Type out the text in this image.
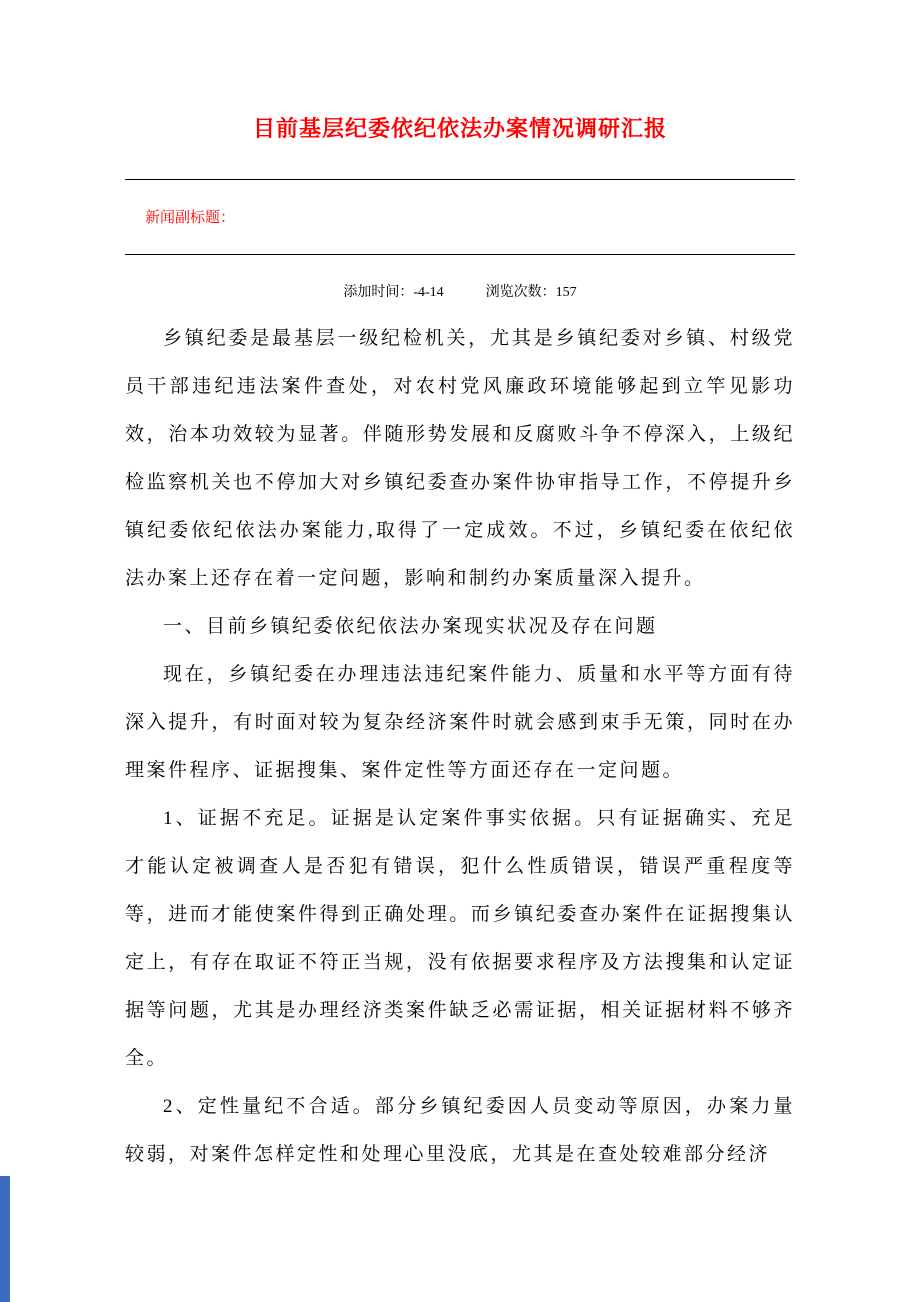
目前基层纪委依纪依法办案情况调研汇报
新闻副标题：
添加时间：-4-14	浏览次数：157

乡镇纪委是最基层一级纪检机关，尤其是乡镇纪委对乡镇、村级党员干部违纪违法案件查处，对农村党风廉政环境能够起到立竿见影功效，治本功效较为显著。伴随形势发展和反腐败斗争不停深入，上级纪检监察机关也不停加大对乡镇纪委查办案件协审指导工作，不停提升乡镇纪委依纪依法办案能力,取得了一定成效。不过，乡镇纪委在依纪依法办案上还存在着一定问题，影响和制约办案质量深入提升。

一、目前乡镇纪委依纪依法办案现实状况及存在问题

现在，乡镇纪委在办理违法违纪案件能力、质量和水平等方面有待深入提升，有时面对较为复杂经济案件时就会感到束手无策，同时在办理案件程序、证据搜集、案件定性等方面还存在一定问题。

1、证据不充足。证据是认定案件事实依据。只有证据确实、充足才能认定被调查人是否犯有错误，犯什么性质错误，错误严重程度等等，进而才能使案件得到正确处理。而乡镇纪委查办案件在证据搜集认定上，有存在取证不符正当规，没有依据要求程序及方法搜集和认定证据等问题，尤其是办理经济类案件缺乏必需证据，相关证据材料不够齐全。

2、定性量纪不合适。部分乡镇纪委因人员变动等原因，办案力量较弱，对案件怎样定性和处理心里没底，尤其是在查处较难部分经济
